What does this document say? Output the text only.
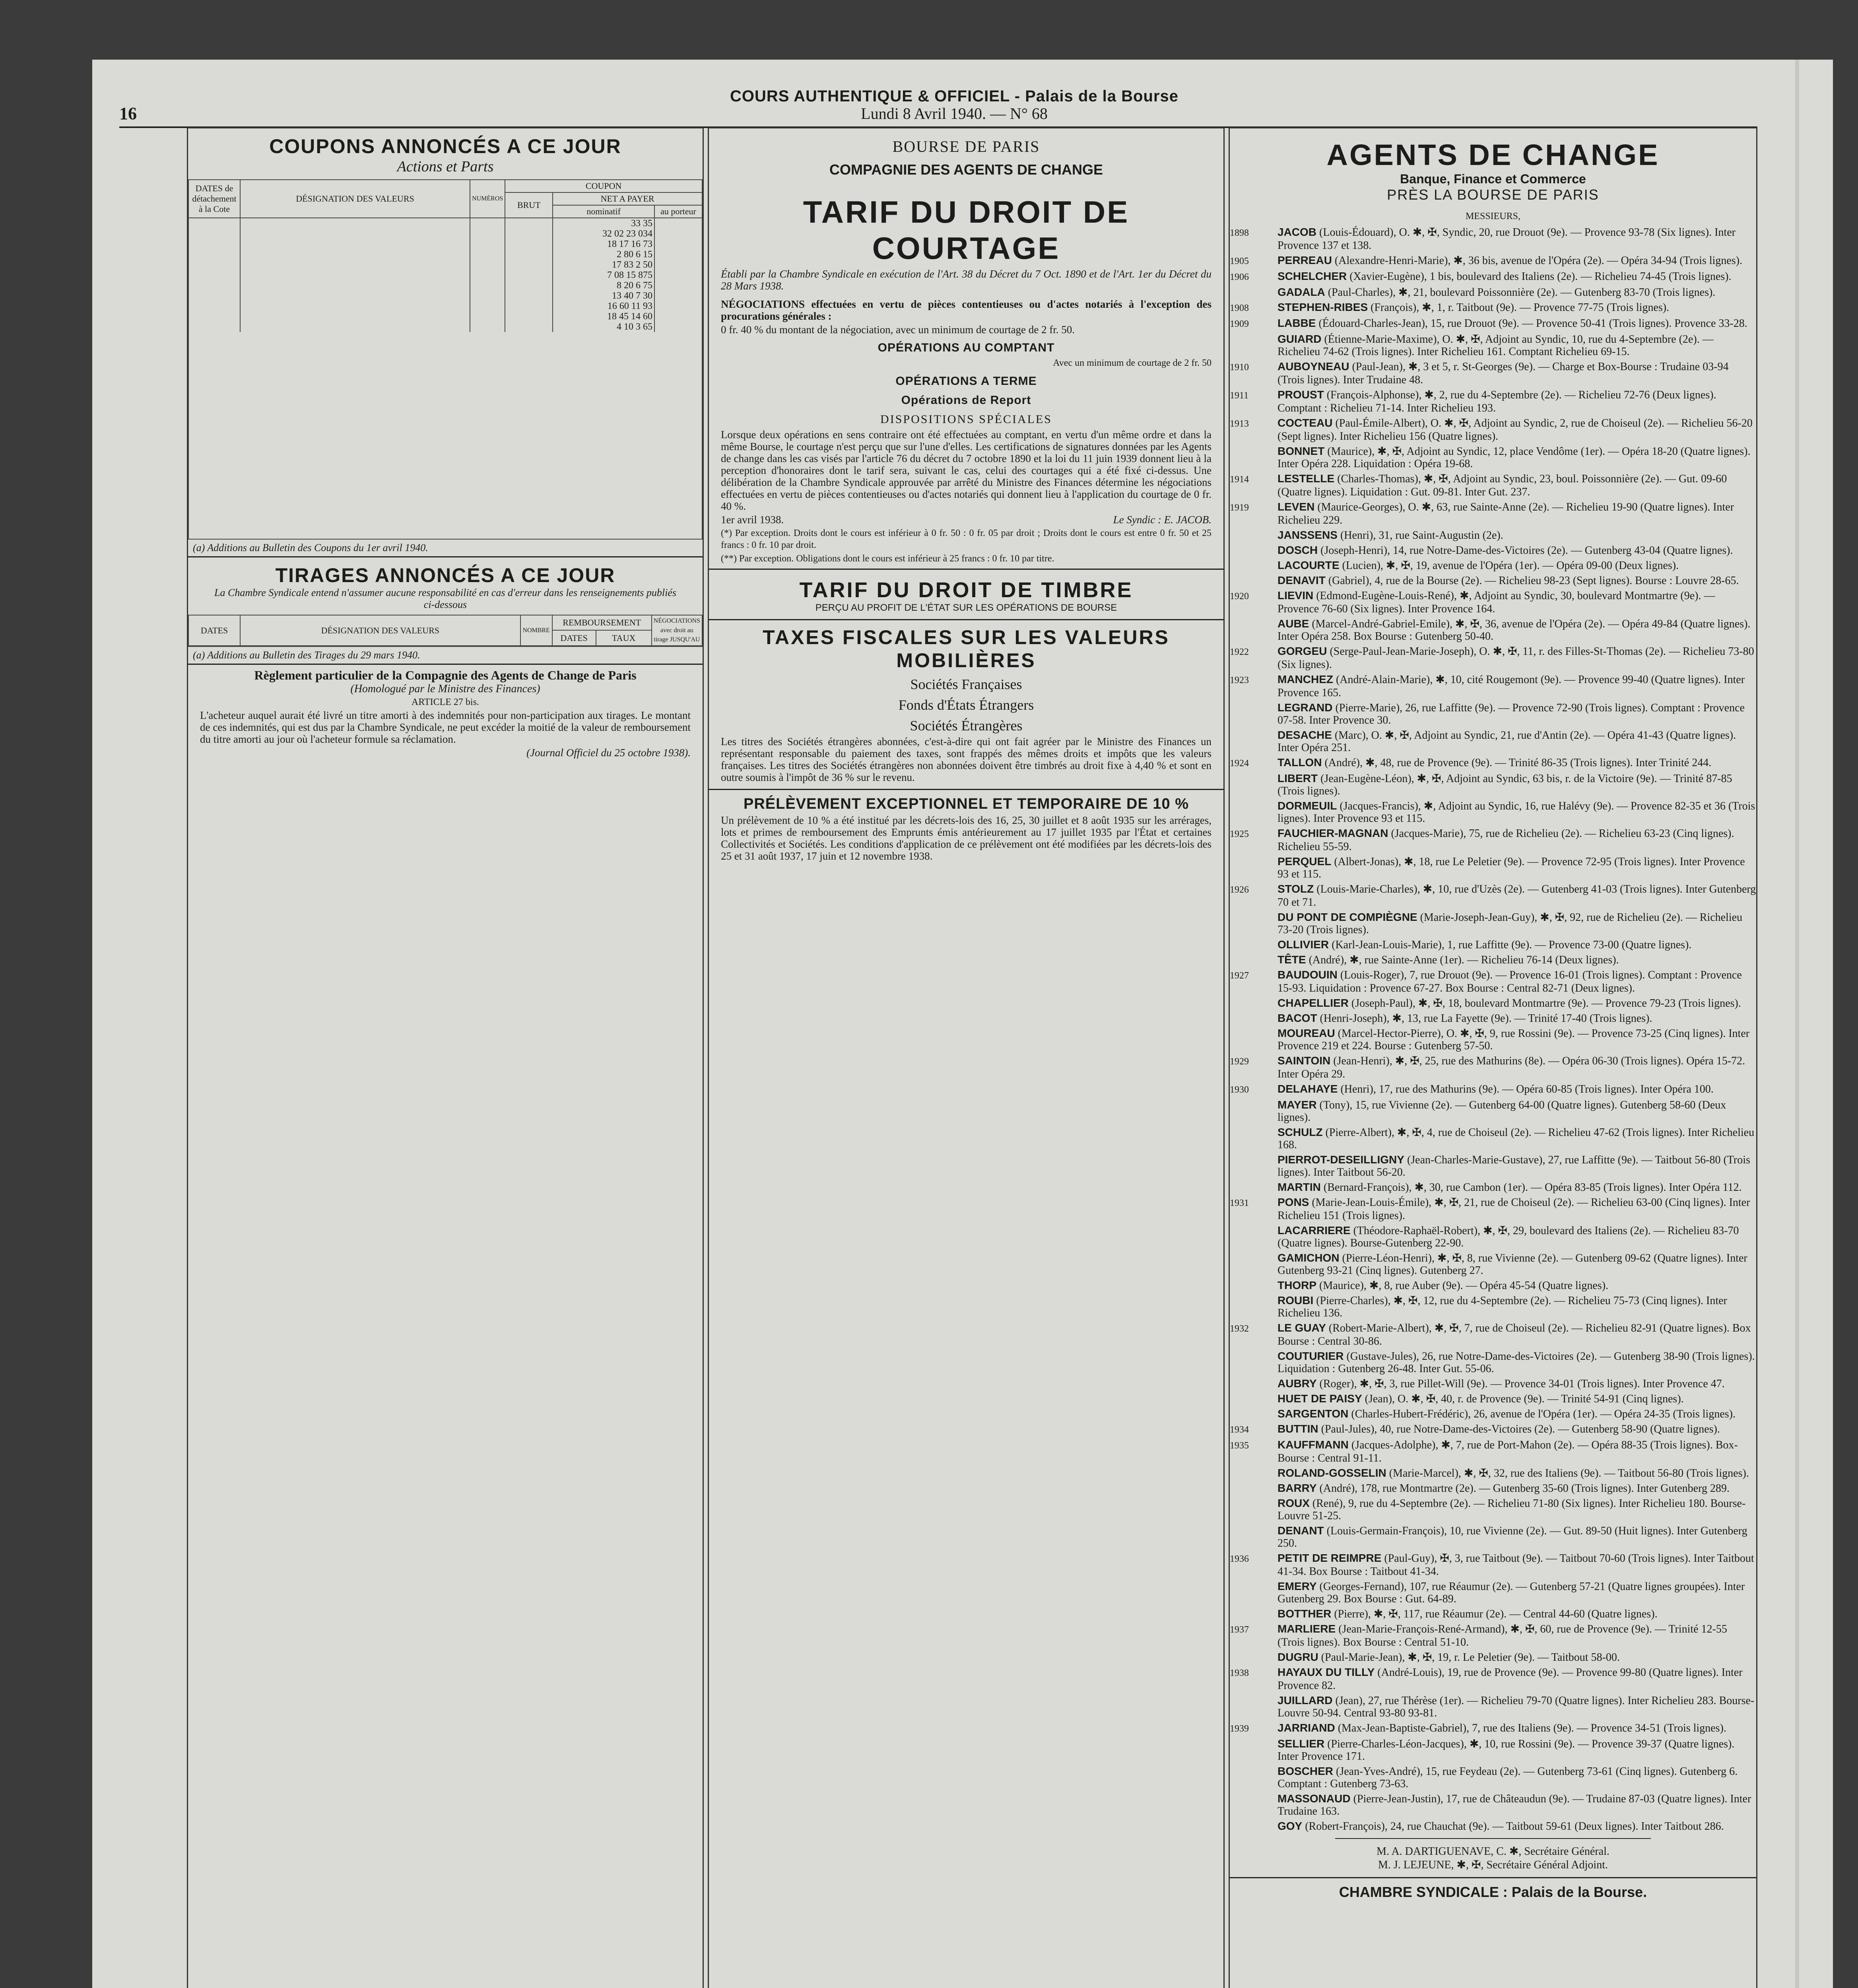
COURS AUTHENTIQUE & OFFICIEL - Palais de la Bourse
Lundi 8 Avril 1940. — N° 68
16
COUPONS ANNONCÉS A CE JOUR
Actions et Parts
DATES de détachement à la Cote	DÉSIGNATION DES VALEURS	NUMÉROS	COUPON		
			BRUT	NET A PAYER	
				nominatif	au porteur
				33 35	
				32 02 23 034	

				18 17 16 73	
				2 80 6 15	
				17 83 2 50	
				7 08 15 875	
				8 20 6 75	
				13 40 7 30	
				16 60 11 93	
				18 45 14 60	
				4 10 3 65	

(a) Additions au Bulletin des Coupons du 1er avril 1940.
TIRAGES ANNONCÉS A CE JOUR
La Chambre Syndicale entend n'assumer aucune responsabilité en cas d'erreur dans les renseignements publiés ci-dessous
DATES	DÉSIGNATION DES VALEURS	NOMBRE	REMBOURSEMENT		NÉGOCIATIONS avec droit au tirage JUSQU'AU
			DATES	TAUX	

(a) Additions au Bulletin des Tirages du 29 mars 1940.
Règlement particulier de la Compagnie des Agents de Change de Paris
(Homologué par le Ministre des Finances)
ARTICLE 27 bis.
L'acheteur auquel aurait été livré un titre amorti à des indemnités pour non-participation aux tirages. Le montant de ces indemnités, qui est dus par la Chambre Syndicale, ne peut excéder la moitié de la valeur de remboursement du titre amorti au jour où l'acheteur formule sa réclamation.
(Journal Officiel du 25 octobre 1938).
BOURSE DE PARIS
COMPAGNIE DES AGENTS DE CHANGE
TARIF DU DROIT DE COURTAGE
Établi par la Chambre Syndicale en exécution de l'Art. 38 du Décret du 7 Oct. 1890 et de l'Art. 1er du Décret du 28 Mars 1938.
NÉGOCIATIONS effectuées en vertu de pièces contentieuses ou d'actes notariés à l'exception des procurations générales :
0 fr. 40 % du montant de la négociation, avec un minimum de courtage de 2 fr. 50.
OPÉRATIONS AU COMPTANT
Avec un minimum de courtage de 2 fr. 50
OPÉRATIONS A TERME
Opérations de Report
DISPOSITIONS SPÉCIALES
Lorsque deux opérations en sens contraire ont été effectuées au comptant, en vertu d'un même ordre et dans la même Bourse, le courtage n'est perçu que sur l'une d'elles. Les certifications de signatures données par les Agents de change dans les cas visés par l'article 76 du décret du 7 octobre 1890 et la loi du 11 juin 1939 donnent lieu à la perception d'honoraires dont le tarif sera, suivant le cas, celui des courtages qui a été fixé ci-dessus. Une délibération de la Chambre Syndicale approuvée par arrêté du Ministre des Finances détermine les négociations effectuées en vertu de pièces contentieuses ou d'actes notariés qui donnent lieu à l'application du courtage de 0 fr. 40 %.
1er avril 1938.	Le Syndic : E. JACOB.
(*) Par exception. Droits dont le cours est inférieur à 0 fr. 50 : 0 fr. 05 par droit ; Droits dont le cours est entre 0 fr. 50 et 25 francs : 0 fr. 10 par droit.
(**) Par exception. Obligations dont le cours est inférieur à 25 francs : 0 fr. 10 par titre.
TARIF DU DROIT DE TIMBRE
PERÇU AU PROFIT DE L'ÉTAT SUR LES OPÉRATIONS DE BOURSE
TAXES FISCALES SUR LES VALEURS MOBILIÈRES
Sociétés Françaises
Fonds d'États Étrangers
Sociétés Étrangères
Les titres des Sociétés étrangères abonnées, c'est-à-dire qui ont fait agréer par le Ministre des Finances un représentant responsable du paiement des taxes, sont frappés des mêmes droits et impôts que les valeurs françaises. Les titres des Sociétés étrangères non abonnées doivent être timbrés au droit fixe à 4,40 % et sont en outre soumis à l'impôt de 36 % sur le revenu.
PRÉLÈVEMENT EXCEPTIONNEL ET TEMPORAIRE DE 10 %
Un prélèvement de 10 % a été institué par les décrets-lois des 16, 25, 30 juillet et 8 août 1935 sur les arrérages, lots et primes de remboursement des Emprunts émis antérieurement au 17 juillet 1935 par l'État et certaines Collectivités et Sociétés. Les conditions d'application de ce prélèvement ont été modifiées par les décrets-lois des 25 et 31 août 1937, 17 juin et 12 novembre 1938.
AGENTS DE CHANGE
Banque, Finance et Commerce
PRÈS LA BOURSE DE PARIS
MESSIEURS,
1898	JACOB (Louis-Édouard), O. ✱, ✠, Syndic, 20, rue Drouot (9e). — Provence 93-78 (Six lignes). Inter Provence 137 et 138.
1905	PERREAU (Alexandre-Henri-Marie), ✱, 36 bis, avenue de l'Opéra (2e). — Opéra 34-94 (Trois lignes).
1906	SCHELCHER (Xavier-Eugène), 1 bis, boulevard des Italiens (2e). — Richelieu 74-45 (Trois lignes).
GADALA (Paul-Charles), ✱, 21, boulevard Poissonnière (2e). — Gutenberg 83-70 (Trois lignes).
1908	STEPHEN-RIBES (François), ✱, 1, r. Taitbout (9e). — Provence 77-75 (Trois lignes).
1909	LABBE (Édouard-Charles-Jean), 15, rue Drouot (9e). — Provence 50-41 (Trois lignes). Provence 33-28.
GUIARD (Étienne-Marie-Maxime), O. ✱, ✠, Adjoint au Syndic, 10, rue du 4-Septembre (2e). — Richelieu 74-62 (Trois lignes). Inter Richelieu 161. Comptant Richelieu 69-15.
1910	AUBOYNEAU (Paul-Jean), ✱, 3 et 5, r. St-Georges (9e). — Charge et Box-Bourse : Trudaine 03-94 (Trois lignes). Inter Trudaine 48.
1911	PROUST (François-Alphonse), ✱, 2, rue du 4-Septembre (2e). — Richelieu 72-76 (Deux lignes). Comptant : Richelieu 71-14. Inter Richelieu 193.
1913	COCTEAU (Paul-Émile-Albert), O. ✱, ✠, Adjoint au Syndic, 2, rue de Choiseul (2e). — Richelieu 56-20 (Sept lignes). Inter Richelieu 156 (Quatre lignes).
BONNET (Maurice), ✱, ✠, Adjoint au Syndic, 12, place Vendôme (1er). — Opéra 18-20 (Quatre lignes). Inter Opéra 228. Liquidation : Opéra 19-68.
1914	LESTELLE (Charles-Thomas), ✱, ✠, Adjoint au Syndic, 23, boul. Poissonnière (2e). — Gut. 09-60 (Quatre lignes). Liquidation : Gut. 09-81. Inter Gut. 237.
1919	LEVEN (Maurice-Georges), O. ✱, 63, rue Sainte-Anne (2e). — Richelieu 19-90 (Quatre lignes). Inter Richelieu 229.
JANSSENS (Henri), 31, rue Saint-Augustin (2e).
DOSCH (Joseph-Henri), 14, rue Notre-Dame-des-Victoires (2e). — Gutenberg 43-04 (Quatre lignes).
LACOURTE (Lucien), ✱, ✠, 19, avenue de l'Opéra (1er). — Opéra 09-00 (Deux lignes).
DENAVIT (Gabriel), 4, rue de la Bourse (2e). — Richelieu 98-23 (Sept lignes). Bourse : Louvre 28-65.
1920	LIEVIN (Edmond-Eugène-Louis-René), ✱, Adjoint au Syndic, 30, boulevard Montmartre (9e). — Provence 76-60 (Six lignes). Inter Provence 164.
AUBE (Marcel-André-Gabriel-Emile), ✱, ✠, 36, avenue de l'Opéra (2e). — Opéra 49-84 (Quatre lignes). Inter Opéra 258. Box Bourse : Gutenberg 50-40.
1922	GORGEU (Serge-Paul-Jean-Marie-Joseph), O. ✱, ✠, 11, r. des Filles-St-Thomas (2e). — Richelieu 73-80 (Six lignes).
1923	MANCHEZ (André-Alain-Marie), ✱, 10, cité Rougemont (9e). — Provence 99-40 (Quatre lignes). Inter Provence 165.
LEGRAND (Pierre-Marie), 26, rue Laffitte (9e). — Provence 72-90 (Trois lignes). Comptant : Provence 07-58. Inter Provence 30.
DESACHE (Marc), O. ✱, ✠, Adjoint au Syndic, 21, rue d'Antin (2e). — Opéra 41-43 (Quatre lignes). Inter Opéra 251.
1924	TALLON (André), ✱, 48, rue de Provence (9e). — Trinité 86-35 (Trois lignes). Inter Trinité 244.
LIBERT (Jean-Eugène-Léon), ✱, ✠, Adjoint au Syndic, 63 bis, r. de la Victoire (9e). — Trinité 87-85 (Trois lignes).
DORMEUIL (Jacques-Francis), ✱, Adjoint au Syndic, 16, rue Halévy (9e). — Provence 82-35 et 36 (Trois lignes). Inter Provence 93 et 115.
1925	FAUCHIER-MAGNAN (Jacques-Marie), 75, rue de Richelieu (2e). — Richelieu 63-23 (Cinq lignes). Richelieu 55-59.
PERQUEL (Albert-Jonas), ✱, 18, rue Le Peletier (9e). — Provence 72-95 (Trois lignes). Inter Provence 93 et 115.
1926	STOLZ (Louis-Marie-Charles), ✱, 10, rue d'Uzès (2e). — Gutenberg 41-03 (Trois lignes). Inter Gutenberg 70 et 71.
DU PONT DE COMPIÈGNE (Marie-Joseph-Jean-Guy), ✱, ✠, 92, rue de Richelieu (2e). — Richelieu 73-20 (Trois lignes).
OLLIVIER (Karl-Jean-Louis-Marie), 1, rue Laffitte (9e). — Provence 73-00 (Quatre lignes).
TÊTE (André), ✱, rue Sainte-Anne (1er). — Richelieu 76-14 (Deux lignes).
1927	BAUDOUIN (Louis-Roger), 7, rue Drouot (9e). — Provence 16-01 (Trois lignes). Comptant : Provence 15-93. Liquidation : Provence 67-27. Box Bourse : Central 82-71 (Deux lignes).
CHAPELLIER (Joseph-Paul), ✱, ✠, 18, boulevard Montmartre (9e). — Provence 79-23 (Trois lignes).
BACOT (Henri-Joseph), ✱, 13, rue La Fayette (9e). — Trinité 17-40 (Trois lignes).
MOUREAU (Marcel-Hector-Pierre), O. ✱, ✠, 9, rue Rossini (9e). — Provence 73-25 (Cinq lignes). Inter Provence 219 et 224. Bourse : Gutenberg 57-50.
1929	SAINTOIN (Jean-Henri), ✱, ✠, 25, rue des Mathurins (8e). — Opéra 06-30 (Trois lignes). Opéra 15-72. Inter Opéra 29.
1930	DELAHAYE (Henri), 17, rue des Mathurins (9e). — Opéra 60-85 (Trois lignes). Inter Opéra 100.
MAYER (Tony), 15, rue Vivienne (2e). — Gutenberg 64-00 (Quatre lignes). Gutenberg 58-60 (Deux lignes).
SCHULZ (Pierre-Albert), ✱, ✠, 4, rue de Choiseul (2e). — Richelieu 47-62 (Trois lignes). Inter Richelieu 168.
PIERROT-DESEILLIGNY (Jean-Charles-Marie-Gustave), 27, rue Laffitte (9e). — Taitbout 56-80 (Trois lignes). Inter Taitbout 56-20.
MARTIN (Bernard-François), ✱, 30, rue Cambon (1er). — Opéra 83-85 (Trois lignes). Inter Opéra 112.
1931	PONS (Marie-Jean-Louis-Émile), ✱, ✠, 21, rue de Choiseul (2e). — Richelieu 63-00 (Cinq lignes). Inter Richelieu 151 (Trois lignes).
LACARRIERE (Théodore-Raphaël-Robert), ✱, ✠, 29, boulevard des Italiens (2e). — Richelieu 83-70 (Quatre lignes). Bourse-Gutenberg 22-90.
GAMICHON (Pierre-Léon-Henri), ✱, ✠, 8, rue Vivienne (2e). — Gutenberg 09-62 (Quatre lignes). Inter Gutenberg 93-21 (Cinq lignes). Gutenberg 27.
THORP (Maurice), ✱, 8, rue Auber (9e). — Opéra 45-54 (Quatre lignes).
ROUBI (Pierre-Charles), ✱, ✠, 12, rue du 4-Septembre (2e). — Richelieu 75-73 (Cinq lignes). Inter Richelieu 136.
1932	LE GUAY (Robert-Marie-Albert), ✱, ✠, 7, rue de Choiseul (2e). — Richelieu 82-91 (Quatre lignes). Box Bourse : Central 30-86.
COUTURIER (Gustave-Jules), 26, rue Notre-Dame-des-Victoires (2e). — Gutenberg 38-90 (Trois lignes). Liquidation : Gutenberg 26-48. Inter Gut. 55-06.
AUBRY (Roger), ✱, ✠, 3, rue Pillet-Will (9e). — Provence 34-01 (Trois lignes). Inter Provence 47.
HUET DE PAISY (Jean), O. ✱, ✠, 40, r. de Provence (9e). — Trinité 54-91 (Cinq lignes).
SARGENTON (Charles-Hubert-Frédéric), 26, avenue de l'Opéra (1er). — Opéra 24-35 (Trois lignes).
1934	BUTTIN (Paul-Jules), 40, rue Notre-Dame-des-Victoires (2e). — Gutenberg 58-90 (Quatre lignes).
1935	KAUFFMANN (Jacques-Adolphe), ✱, 7, rue de Port-Mahon (2e). — Opéra 88-35 (Trois lignes). Box-Bourse : Central 91-11.
ROLAND-GOSSELIN (Marie-Marcel), ✱, ✠, 32, rue des Italiens (9e). — Taitbout 56-80 (Trois lignes).
BARRY (André), 178, rue Montmartre (2e). — Gutenberg 35-60 (Trois lignes). Inter Gutenberg 289.
ROUX (René), 9, rue du 4-Septembre (2e). — Richelieu 71-80 (Six lignes). Inter Richelieu 180. Bourse-Louvre 51-25.
DENANT (Louis-Germain-François), 10, rue Vivienne (2e). — Gut. 89-50 (Huit lignes). Inter Gutenberg 250.
1936	PETIT DE REIMPRE (Paul-Guy), ✠, 3, rue Taitbout (9e). — Taitbout 70-60 (Trois lignes). Inter Taitbout 41-34. Box Bourse : Taitbout 41-34.
EMERY (Georges-Fernand), 107, rue Réaumur (2e). — Gutenberg 57-21 (Quatre lignes groupées). Inter Gutenberg 29. Box Bourse : Gut. 64-89.
BOTTHER (Pierre), ✱, ✠, 117, rue Réaumur (2e). — Central 44-60 (Quatre lignes).
1937	MARLIERE (Jean-Marie-François-René-Armand), ✱, ✠, 60, rue de Provence (9e). — Trinité 12-55 (Trois lignes). Box Bourse : Central 51-10.
DUGRU (Paul-Marie-Jean), ✱, ✠, 19, r. Le Peletier (9e). — Taitbout 58-00.
1938	HAYAUX DU TILLY (André-Louis), 19, rue de Provence (9e). — Provence 99-80 (Quatre lignes). Inter Provence 82.
JUILLARD (Jean), 27, rue Thérèse (1er). — Richelieu 79-70 (Quatre lignes). Inter Richelieu 283. Bourse-Louvre 50-94. Central 93-80 93-81.
1939	JARRIAND (Max-Jean-Baptiste-Gabriel), 7, rue des Italiens (9e). — Provence 34-51 (Trois lignes).
SELLIER (Pierre-Charles-Léon-Jacques), ✱, 10, rue Rossini (9e). — Provence 39-37 (Quatre lignes). Inter Provence 171.
BOSCHER (Jean-Yves-André), 15, rue Feydeau (2e). — Gutenberg 73-61 (Cinq lignes). Gutenberg 6. Comptant : Gutenberg 73-63.
MASSONAUD (Pierre-Jean-Justin), 17, rue de Châteaudun (9e). — Trudaine 87-03 (Quatre lignes). Inter Trudaine 163.
GOY (Robert-François), 24, rue Chauchat (9e). — Taitbout 59-61 (Deux lignes). Inter Taitbout 286.
M. A. DARTIGUENAVE, C. ✱, Secrétaire Général.
M. J. LEJEUNE, ✱, ✠, Secrétaire Général Adjoint.
CHAMBRE SYNDICALE : Palais de la Bourse.
